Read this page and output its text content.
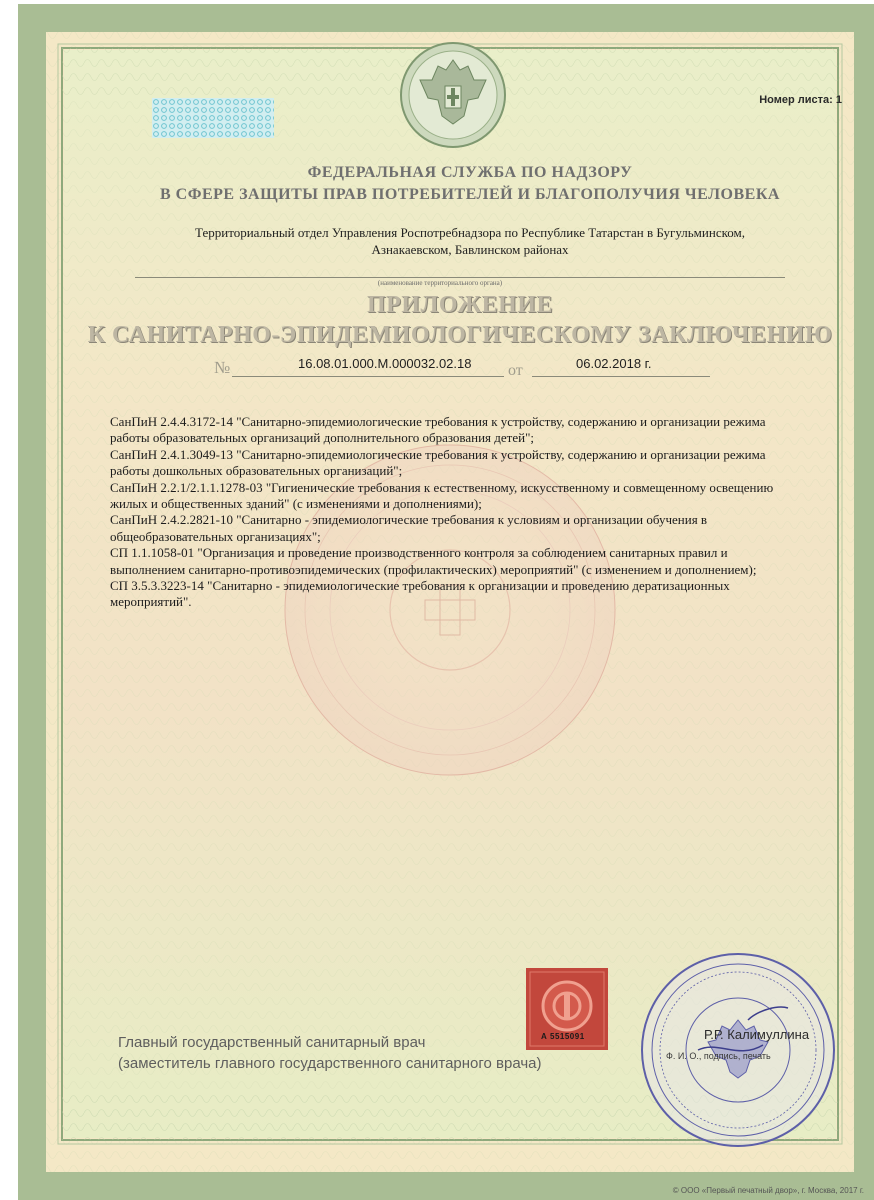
Номер листа: 1
ФЕДЕРАЛЬНАЯ СЛУЖБА ПО НАДЗОРУ
В СФЕРЕ ЗАЩИТЫ ПРАВ ПОТРЕБИТЕЛЕЙ И БЛАГОПОЛУЧИЯ ЧЕЛОВЕКА
Территориальный отдел Управления Роспотребнадзора по Республике Татарстан в Бугульминском,
Азнакаевском, Бавлинском районах
(наименование территориального органа)
ПРИЛОЖЕНИЕ
К САНИТАРНО-ЭПИДЕМИОЛОГИЧЕСКОМУ ЗАКЛЮЧЕНИЮ
№	16.08.01.000.М.000032.02.18 от	06.02.2018 г.

СанПиН 2.4.4.3172-14 "Санитарно-эпидемиологические требования к устройству, содержанию и организации режима

работы образовательных организаций дополнительного образования детей";

СанПиН 2.4.1.3049-13 "Санитарно-эпидемиологические требования к устройству, содержанию и организации режима

работы дошкольных образовательных организаций";

СанПиН 2.2.1/2.1.1.1278-03 "Гигиенические требования к естественному, искусственному и совмещенному освещению

жилых и общественных зданий" (с изменениями и дополнениями);

СанПиН 2.4.2.2821-10 "Санитарно - эпидемиологические требования к условиям и организации обучения в

общеобразовательных организациях";

СП 1.1.1058-01 "Организация и проведение производственного контроля за соблюдением санитарных правил и

выполнением санитарно-противоэпидемических (профилактических) мероприятий" (с изменением и дополнением);

СП 3.5.3.3223-14 "Санитарно - эпидемиологические требования к организации и проведению дератизационных

мероприятий".

Главный государственный санитарный врач
(заместитель главного государственного санитарного врача)
А 5515091	Р.Р. Калимуллина
Ф. И. О., подпись, печать
© ООО «Первый печатный двор», г. Москва, 2017 г.
